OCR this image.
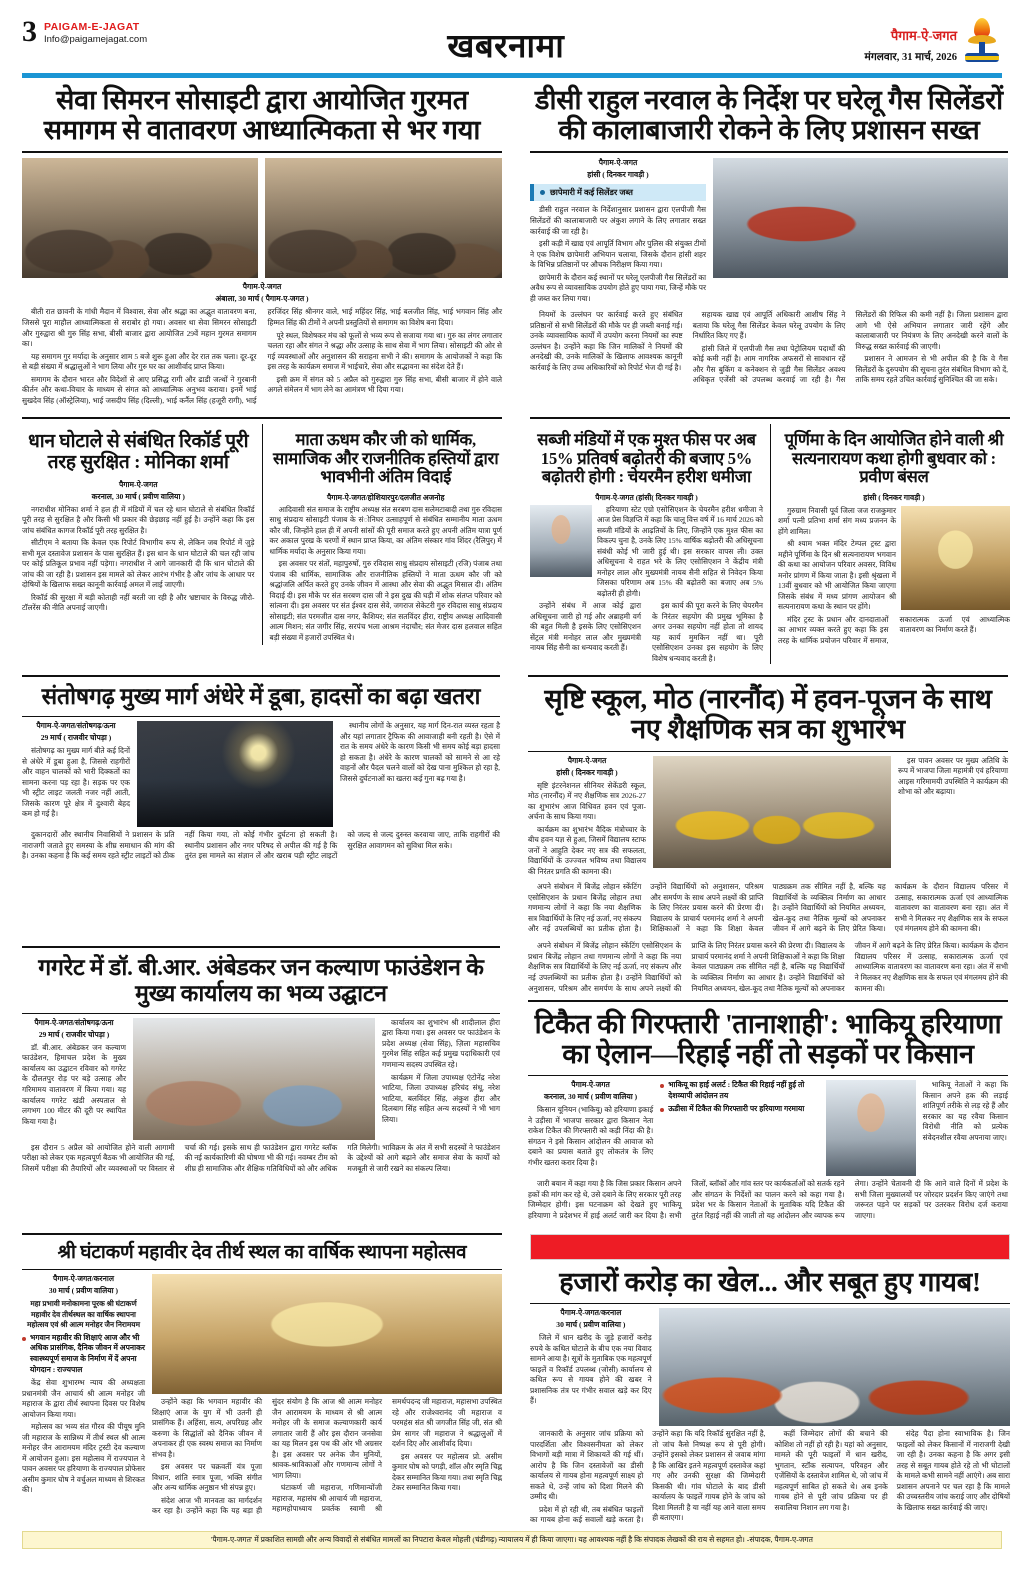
3 PAIGAM-E-JAGAT
Info@paigamejagat.com	खबरनामा	पैगाम-ऐ-जगत
मंगलवार, 31 मार्च, 2026
सेवा सिमरन सोसाइटी द्वारा आयोजित गुरमत समागम से वातावरण आध्यात्मिकता से भर गया
पैगाम-ऐ-जगत
अंबाला, 30 मार्च ( पैगाम-ए-जगत )

बीती रात छावनी के गांधी मैदान में विश्वास, सेवा और श्रद्धा का अद्भुत वातावरण बना, जिससे पूरा माहौल आध्यात्मिकता से सराबोर हो गया। अवसर था सेवा सिमरन सोसाइटी और गुरुद्वारा श्री गुरु सिंह सभा, बीसी बाजार द्वारा आयोजित 29वें महान गुरमत समागम का।

यह समागम गुर मर्यादा के अनुसार शाम 5 बजे शुरू हुआ और देर रात तक चला। दूर-दूर से बड़ी संख्या में श्रद्धालुओं ने भाग लिया और गुरु घर का आशीर्वाद प्राप्त किया।

समागम के दौरान भारत और विदेशों से आए प्रसिद्ध रागी और ढाडी जत्थों ने गुरबानी कीर्तन और कथा-विचार के माध्यम से संगत को आध्यात्मिक अनुभव कराया। इनमें भाई सुखदेव सिंह (ऑस्ट्रेलिया), भाई जसदीप सिंह (दिल्ली), भाई कर्नैल सिंह (हजूरी रागी), भाई हरजिंदर सिंह श्रीनगर वाले, भाई महिंदर सिंह, भाई बलजीत सिंह, भाई भगवान सिंह और हिम्मत सिंह की टीमों ने अपनी प्रस्तुतियों से समागम का विशेष बना दिया।

पूरे स्थल, विशेषकर मंच को फूलों से भव्य रूप से सजाया गया था। गुरु का लंगर लगातार चलता रहा और संगत ने श्रद्धा और उत्साह के साथ सेवा में भाग लिया। सोसाइटी की ओर से गई व्यवस्थाओं और अनुशासन की सराहना सभी ने की। समागम के आयोजकों ने कहा कि इस तरह के कार्यक्रम समाज में भाईचारे, सेवा और सद्भावना का संदेश देते हैं।

इसी क्रम में संगत को 5 अप्रैल को गुरुद्वारा गुरु सिंह सभा, बीसी बाजार में होने वाले अगले संमेलन में भाग लेने का आमंत्रण भी दिया गया।

डीसी राहुल नरवाल के निर्देश पर घरेलू गैस सिलेंडरों की कालाबाजारी रोकने के लिए प्रशासन सख्त
पैगाम-ऐ-जगत
हांसी ( दिनकर गावड़ी )
छापेमारी में कई सिलेंडर जब्त

डीसी राहुल नरवाल के निर्देशानुसार प्रशासन द्वारा एलपीजी गैस सिलेंडरों की कालाबाजारी पर अंकुश लगाने के लिए लगातार सख्त कार्रवाई की जा रही है।

इसी कड़ी में खाद्य एवं आपूर्ति विभाग और पुलिस की संयुक्त टीमों ने एक विशेष छापेमारी अभियान चलाया, जिसके दौरान हांसी शहर के विभिन्न प्रतिष्ठानों पर औचक निरीक्षण किया गया।

छापेमारी के दौरान कई स्थानों पर घरेलू एलपीजी गैस सिलेंडरों का अवैध रूप से व्यावसायिक उपयोग होते हुए पाया गया, जिन्हें मौके पर ही जब्त कर लिया गया।

नियमों के उल्लंघन पर कार्रवाई करते हुए संबंधित प्रतिष्ठानों से सभी सिलेंडरों की मौके पर ही जब्ती बनाई गई। उनके व्यावसायिक कार्यों में उपयोग करना नियमों का स्पष्ट उल्लंघन है। उन्होंने कहा कि जिन मालिकों ने नियमों की अनदेखी की, उनके मालिकों के खिलाफ आवश्यक कानूनी कार्रवाई के लिए उच्च अधिकारियों को रिपोर्ट भेज दी गई है।

सहायक खाद्य एवं आपूर्ति अधिकारी आशीष सिंह ने बताया कि घरेलू गैस सिलेंडर केवल घरेलू उपयोग के लिए निर्धारित किए गए हैं।

हांसी जिले में एलपीजी गैस तथा पेट्रोलियम पदार्थों की कोई कमी नहीं है। आम नागरिक अफसरों से सावधान रहें और गैस बुकिंग व कनेक्शन से जुड़ी गैस सिलेंडर अवश्य अधिकृत एजेंसी को उपलब्ध करवाई जा रही है। गैस सिलेंडरों की रिफिल की कमी नहीं है। जिला प्रशासन द्वारा आगे भी ऐसे अभियान लगातार जारी रहेंगे और कालाबाजारी पर नियंत्रण के लिए अनदेखी करने वालों के विरुद्ध सख्त कार्रवाई की जाएगी।

प्रशासन ने आमजन से भी अपील की है कि वे गैस सिलेंडरों के दुरुपयोग की सूचना तुरंत संबंधित विभाग को दें, ताकि समय रहते उचित कार्रवाई सुनिश्चित की जा सके।

धान घोटाले से संबंधित रिकॉर्ड पूरी तरह सुरक्षित : मोनिका शर्मा
पैगाम-ऐ-जगत
करनाल, 30 मार्च ( प्रवीण वालिया )

नगराधीश मोनिका शर्मा ने हल ही में मंडियों में चल रहे धान घोटाले से संबंधित रिकॉर्ड पूरी तरह से सुरक्षित है और किसी भी प्रकार की छेड़छाड़ नहीं हुई है। उन्होंने कहा कि इस जांच संबंधित कागज रिकॉर्ड पूरी तरह सुरक्षित है।

सीटीएम ने बताया कि केवल एक रिपोर्ट विभागीय रूप से, लेकिन जब रिपोर्ट में जुड़े सभी मूल दस्तावेज प्रशासन के पास सुरक्षित हैं। इस धान के धान घोटाले की चल रही जांच पर कोई प्रतिकूल प्रभाव नहीं पड़ेगा। नगराधीश ने आगे जानकारी दी कि धान घोटाले की जांच की जा रही है। प्रशासन इस मामले को लेकर आरंभ गंभीर है और जांच के आधार पर दोषियों के खिलाफ सख्त कानूनी कार्रवाई अमल में लाई जाएगी।

रिकॉर्ड की सुरक्षा में बड़ी कोताही नहीं बरती जा रही है और भ्रष्टाचार के विरुद्ध जीरो-टॉलरेंस की नीति अपनाई जाएगी।

माता ऊधम कौर जी को धार्मिक, सामाजिक और राजनीतिक हस्तियों द्वारा भावभीनी अंतिम विदाई
पैगाम-ऐ-जगत/होशियारपुर/दलजीत अजनोह

आदिवासी संत समाज के राष्ट्रीय अध्यक्ष संत सरबण दास सलेमटाबादी तथा गुरु रविदास साधु संप्रदाय सोसाइटी पंजाब के संोनिघर उत्साहपूर्ण से संबंधित सम्मानीय माता ऊधम कौर जी, जिन्होंने हाल ही में अपनी सांसों की पूरी समाज करते हुए अपनी अंतिम यात्रा पूर्ण कर अकाल पुरख के चरणों में स्थान प्राप्त किया, का अंतिम संस्कार गांव शिंदर (रैलिपुर) में धार्मिक मर्यादा के अनुसार किया गया।

इस अवसर पर संतों, महापुरुषों, गुरु रविदास साधु संप्रदाय सोसाइटी (रजि) पंजाब तथा पंजाब की धार्मिक, सामाजिक और राजनीतिक हस्तियों ने माता ऊधम कौर जी को श्रद्धांजलि अर्पित करते हुए उनके जीवन में आस्था और सेवा की अद्भुत मिसाल दी। अंतिम विदाई दी। इस मौके पर संत सरबण दास जी ने इस दुख की घड़ी में शोक संतप्त परिवार को सांत्वना दी। इस अवसर पर संत ईश्वर दास सेवे, जगराज सेकेटरी गुरु रविदास साधु संप्रदाय सोसाइटी; संत परमजीत दास नगर, कैशियर; संत सतविंदर हीरा, राष्ट्रीय अध्यक्ष आदिवासी आत्म मिशन; संत जगीर सिंह, सरपंच भला आश्रम नंदाचौर; संत मेजर दास हलवाल सहित बड़ी संख्या में हजारों उपस्थित थे।

सब्जी मंडियों में एक मुश्त फीस पर अब 15% प्रतिवर्ष बढ़ोतरी की बजाए 5% बढ़ोतरी होगी : चेयरमैन हरीश धमीजा
पैगाम-ऐ-जगत (हांसी( दिनकर गावड़ी )

हरियाणा स्टेट एग्रो एसोसिएशन के चेयरमैन हरीश धमीजा ने आज प्रेस विज्ञप्ति में कहा कि चालू वित्त वर्ष में 16 मार्च 2026 को सब्जी मंडियों के आढ़तियों के लिए, जिन्होंने एक मुश्त फीस का विकल्प चुना है, उनके लिए 15% वार्षिक बढ़ोतरी की अधिसूचना संबंधी कोई भी जारी हुई थी। इस सरकार वापस ली। उक्त अधिसूचना ये राहत भरे के लिए एसोसिएशन ने केंद्रीय मंत्री मनोहर लाल और मुख्यमंत्री नायब सैनी सहित से निवेदन किया जिसका परिणाम अब 15% की बढ़ोतरी का बजाए अब 5% बढ़ोतरी ही होगी।

उन्होंने संबंध में आज कोई द्वारा अधिसूचना जारी हो गई और अब्राहमी वर्ग की बहुत मिली है इसके लिए एसोसिएशन सेंट्रल मंत्री मनोहर लाल और मुख्यमंत्री नायब सिंह सैनी का धन्यवाद करती हैं।

इस कार्य की पूरा करने के लिए चेयरमैन के निरंतर सहयोग की प्रमुख भूमिका है अगर उनका सहयोग नहीं होता तो शायद यह कार्य मुमकिन नहीं था। पूरी एसोसिएशन उनका इस सहयोग के लिए विशेष धन्यवाद करती है।

पूर्णिमा के दिन आयोजित होने वाली श्री सत्यनारायण कथा होगी बुधवार को : प्रवीण बंसल
हांसी ( दिनकर गावड़ी )

गुरुग्राम निवासी पूर्व जिला जज राजकुमार शर्मा पत्नी प्रतिभा शर्मा संग मध्य प्रजनन के होंगे शामिल।

श्री श्याम भक्त मंदिर टेम्पल ट्रस्ट द्वारा महीने पूर्णिमा के दिन श्री सत्यनारायण भगवान की कथा का आयोजन परिवार अवसर, विविध मनोर प्रांगण में किया जाता है। इसी श्रृंखला में 13वीं बुधवार को भी आयोजित किया जाएगा जिसके संबंध में मध्य प्रांगण आयोजन श्री सत्यनारायण कथा के स्थान पर होंगे।

मंदिर ट्रस्ट के प्रधान और दानदाताओं का आभार व्यक्त करते हुए कहा कि इस तरह के धार्मिक प्रयोजन परिवार में समाज, सकारात्मक ऊर्जा एवं आध्यात्मिक वातावरण का निर्माण करते हैं।

संतोषगढ़ मुख्य मार्ग अंधेरे में डूबा, हादसों का बढ़ा खतरा
पैगाम-ऐ-जगत/संतोषगढ़/ऊना
29 मार्च ( राजवीर चोपड़ा )

संतोषगढ़ का मुख्य मार्ग बीते कई दिनों से अंधेरे में डूबा हुआ है, जिससे राहगीरों और वाहन चालकों को भारी दिक्कतों का सामना करना पड़ रहा है। सड़क पर एक भी स्ट्रीट लाइट जलती नजर नहीं आती, जिसके कारण पूरे क्षेत्र में दुश्वारी बेहद कम हो गई है।

स्थानीय लोगों के अनुसार, यह मार्ग दिन-रात व्यस्त रहता है और यहां लगातार ट्रैफिक की आवाजाही बनी रहती है। ऐसे में रात के समय अंधेरे के कारण किसी भी समय कोई बड़ा हादसा हो सकता है। अंधेरे के कारण चालकों को सामने से आ रहे वाहनों और पैदल चलने वालों को देख पाना मुश्किल हो रहा है, जिससे दुर्घटनाओं का खतरा कई गुना बढ़ गया है।

दुकानदारों और स्थानीय निवासियों ने प्रशासन के प्रति नाराजगी जताते हुए समस्या के शीघ्र समाधान की मांग की है। उनका कहना है कि कई समय रहते स्ट्रीट लाइटों को ठीक नहीं किया गया, तो कोई गंभीर दुर्घटना हो सकती है। स्थानीय प्रशासन और नगर परिषद से अपील की गई है कि तुरंत इस मामले का संज्ञान लें और खराब पड़ी स्ट्रीट लाइटों को जल्द से जल्द दुरुस्त करवाया जाए, ताकि राहगीरों की सुरक्षित आवागमन को सुविधा मिल सके।

सृष्टि स्कूल, मोठ (नारनौंद) में हवन-पूजन के साथ नए शैक्षणिक सत्र का शुभारंभ
पैगाम-ऐ-जगत
हांसी ( दिनकर गावड़ी )

सृष्टि इंटरनेशनल सीनियर सेकेंडरी स्कूल, मोठ (नारनौंद) में नए शैक्षणिक सत्र 2026-27 का शुभारंभ आज विधिवत हवन एवं पूजा-अर्चना के साथ किया गया।

कार्यक्रम का शुभारंभ वैदिक मंत्रोच्चार के बीच हवन यज्ञ से हुआ, जिसमें विद्यालय स्टाफ जनों ने आहुति देकर नए सत्र की सफलता, विद्यार्थियों के उज्ज्वल भविष्य तथा विद्यालय की निरंतर प्रगति की कामना की।

इस पावन अवसर पर मुख्य अतिथि के रूप में भाजपा जिला महामंत्री एवं हरियाणा आइस गरिमामयी उपस्थिति ने कार्यक्रम की शोभा को और बढ़ाया।

अपने संबोधन में बिजेंद्र लोहान स्केंटिंग एसोसिएशन के प्रधान बिजेंद्र लोहान तथा गणमान्य लोगों ने कहा कि नया शैक्षणिक सत्र विद्यार्थियों के लिए नई ऊर्जा, नए संकल्प और नई उपलब्धियों का प्रतीक होता है। उन्होंने विद्यार्थियों को अनुशासन, परिश्रम और समर्पण के साथ अपने लक्ष्यों की प्राप्ति के लिए निरंतर प्रयास करने की प्रेरणा दी। विद्यालय के प्राचार्य परमानंद शर्मा ने अपनी शिक्षिकाओं ने कहा कि शिक्षा केवल पाठ्यक्रम तक सीमित नहीं है, बल्कि यह विद्यार्थियों के व्यक्तित्व निर्माण का आधार है। उन्होंने विद्यार्थियों को नियमित अध्ययन, खेल-कूद तथा नैतिक मूल्यों को अपनाकर जीवन में आगे बढ़ने के लिए प्रेरित किया। कार्यक्रम के दौरान विद्यालय परिसर में उत्साह, सकारात्मक ऊर्जा एवं आध्यात्मिक वातावरण का वातावरण बना रहा। अंत में सभी ने मिलकर नए शैक्षणिक सत्र के सफल एवं मंगलमय होने की कामना की।

गगरेट में डॉ. बी.आर. अंबेडकर जन कल्याण फाउंडेशन के मुख्य कार्यालय का भव्य उद्घाटन
पैगाम-ऐ-जगत/संतोषगढ़/ऊना
29 मार्च ( राजवीर चोपड़ा )

डॉ. बी.आर. अंबेडकर जन कल्याण फाउंडेशन, हिमाचल प्रदेश के मुख्य कार्यालय का उद्घाटन रविवार को गगरेट के दौलतपुर रोड़ पर बड़े उत्साह और गरिमामय वातावरण में किया गया। यह कार्यालय गगरेट खंडी अस्पताल से लगभग 100 मीटर की दूरी पर स्थापित किया गया है।

कार्यालय का शुभारंभ श्री शादीलाल हीरा द्वारा किया गया। इस अवसर पर फाउंडेशन के प्रदेश अध्यक्ष (सेवा सिंह), ज़िला महासचिव गुरमेश सिंह सहित कई प्रमुख पदाधिकारी एवं गणमान्य सदस्य उपस्थित रहे।

कार्यक्रम में जिला उपाध्यक्ष एंटोनेंद्र नरेश भाटिया, जिला उपाध्यक्ष हरिचंद संधू, नरेश भाटिया, बलविंदर सिंह, अंकुश हीरा और दिलबाग सिंह सहित अन्य सदस्यों ने भी भाग लिया।

इस दौरान 5 अप्रैल को आयोजित होने वाली आगामी परीक्षा को लेकर एक महत्वपूर्ण बैठक भी आयोजित की गई, जिसमें परीक्षा की तैयारियों और व्यवस्थाओं पर विस्तार से चर्चा की गई। इसके साथ ही फाउंडेशन द्वारा गगरेट ब्लॉक की नई कार्यकारिणी की घोषणा भी की गई। नवम्बर टीम को शीघ्र ही सामाजिक और शैक्षिक गतिविधियों को और अधिक गति मिलेगी। भाविक्रम के अंत में सभी सदस्यों ने फाउंडेशन के उद्देश्यों को आगे बढ़ाने और समाज सेवा के कार्यों को मजबूती से जारी रखने का संकल्प लिया।

अपने संबोधन में बिजेंद्र लोहान स्केंटिंग एसोसिएशन के प्रधान बिजेंद्र लोहान तथा गणमान्य लोगों ने कहा कि नया शैक्षणिक सत्र विद्यार्थियों के लिए नई ऊर्जा, नए संकल्प और नई उपलब्धियों का प्रतीक होता है। उन्होंने विद्यार्थियों को अनुशासन, परिश्रम और समर्पण के साथ अपने लक्ष्यों की प्राप्ति के लिए निरंतर प्रयास करने की प्रेरणा दी। विद्यालय के प्राचार्य परमानंद शर्मा ने अपनी शिक्षिकाओं ने कहा कि शिक्षा केवल पाठ्यक्रम तक सीमित नहीं है, बल्कि यह विद्यार्थियों के व्यक्तित्व निर्माण का आधार है। उन्होंने विद्यार्थियों को नियमित अध्ययन, खेल-कूद तथा नैतिक मूल्यों को अपनाकर जीवन में आगे बढ़ने के लिए प्रेरित किया। कार्यक्रम के दौरान विद्यालय परिसर में उत्साह, सकारात्मक ऊर्जा एवं आध्यात्मिक वातावरण का वातावरण बना रहा। अंत में सभी ने मिलकर नए शैक्षणिक सत्र के सफल एवं मंगलमय होने की कामना की।

टिकैत की गिरफ्तारी 'तानाशाही': भाकियू हरियाणा का ऐलान—रिहाई नहीं तो सड़कों पर किसान
पैगाम-ऐ-जगत
करनाल, 30 मार्च ( प्रवीण वालिया )

किसान यूनियन (भाकियू) को हरियाणा इकाई ने उड़ीसा में भाजपा सरकार द्वारा किसान नेता राकेश टिकैत की गिरफ्तारी को कड़ी निंदा की है। संगठन ने इसे किसान आंदोलन की आवाज को दबाने का प्रयास बताते हुए लोकतंत्र के लिए गंभीर खतरा करार दिया है।

भाकियू का हाई अलर्ट : टिकैत की रिहाई नहीं हुई तो देशव्यापी आंदोलन तय
ऊडीसा में टिकैत की गिरफ्तारी पर हरियाणा गरमाया

भाकियू नेताओं ने कहा कि किसान अपने हक की लड़ाई शांतिपूर्ण तरीके से लड़ रहे हैं और सरकार का यह रवैया किसान विरोधी नीति को प्रत्येक संवेदनशील रवैया अपनाया जाए।

जारी बयान में कहा गया है कि जिस प्रकार किसान अपने हकों की मांग कर रहे थे, उसे दबाने के लिए सरकार पूरी तरह जिम्मेदार होगी। इस घटनाक्रम को देखते हुए भाकियू हरियाणा ने प्रदेशभर में हाई अलर्ट जारी कर दिया है। सभी जिलों, ब्लॉकों और गांव स्तर पर कार्यकर्ताओं को सतर्क रहने और संगठन के निर्देशों का पालन करने को कहा गया है। प्रदेश भर के किसान नेताओं के मुताबिक यदि टिकैत की तुरंत रिहाई नहीं की जाती तो यह आंदोलन और व्यापक रूप लेगा। उन्होंने चेतावनी दी कि आने वाले दिनों में प्रदेश के सभी जिला मुख्यालयों पर जोरदार प्रदर्शन किए जाएंगे तथा जरूरत पड़ने पर सड़कों पर उतरकर विरोध दर्ज कराया जाएगा।

श्री घंटाकर्ण महावीर देव तीर्थ स्थल का वार्षिक स्थापना महोत्सव
पैगाम-ऐ-जगत/करनाल
30 मार्च ( प्रवीण वालिया )

महा प्रभावी मनोकामना पूरक श्री घंटाकर्ण महावीर देव तीर्थस्थल का वार्षिक स्थापना महोत्सव एवं श्री आत्म मनोहर जैन निरामयम

भगवान महावीर की शिक्षाएं आज और भी अधिक प्रासंगिक, दैनिक जीवन में अपनाकर स्वास्थ्यपूर्ण समाज के निर्माण में दें अपना योगदान : राज्यपाल

केंद्र सेवा शुभारम्भ न्याय की अध्यक्षता प्रधानमंत्री जैन आचार्य श्री आत्म मनोहर जी महाराज के द्वारा तीर्थ स्थापना दिवस पर विशेष आयोजन किया गया।

महोत्सव का भव्य संत गौरव की पीयूष मुनि जी महाराज के सान्निध्य में तीर्थ स्थल श्री आत्म मनोहर जैन आरामयम मंदिर ट्रस्टी देव कल्याण में आयोजन हुआ। इस महोत्सव में राज्यपाल ने पावन अवसर पर हरियाणा के राज्यपाल प्रोफेसर असीम कुमार घोष ने वर्चुअल माध्यम से शिरकत की।

उन्होंने कहा कि भगवान महावीर की शिक्षाएं आज के युग में भी उतनी ही प्रासंगिक हैं। अहिंसा, सत्य, अपरिग्रह और करुणा के सिद्धांतों को दैनिक जीवन में अपनाकर ही एक स्वस्थ समाज का निर्माण संभव है।

इस अवसर पर चक्रवर्ती यंत्र पूजा विधान, शांति स्नात्र पूजा, भक्ति संगीत और अन्य धार्मिक अनुष्ठान भी संपन्न हुए।

संदेश आज भी मानवता का मार्गदर्शन कर रहा है। उन्होंने कहा कि यह बड़ा ही सुंदर संयोग है कि आज श्री आत्म मनोहर जैन आरामयम के माध्यम से श्री आत्म मनोहर जी के समाज कल्याणकारी कार्य लगातार जारी हैं और इस दौरान जनसेवा का यह मिलन इस पथ की ओर भी अग्रसर है। इस अवसर पर अनेक जैन मुनियों, श्रावक-श्राविकाओं और गणमान्य लोगों ने भाग लिया।

घंटाकर्ण जी महाराज, गणिमान्योंजी महाराज, महासंघ श्री आचार्य जी महाराज, महामहोपाध्याय प्रवर्तक स्वामी श्री समर्थपदन्द जी महाराज, महासभा उपस्थित रहे और राजेश्वरानंद जी महाराज व परमहंस संत श्री जगजीत सिंह जी, संत श्री प्रेम सागर जी महाराज ने श्रद्धालुओं में दर्शन दिए और आशीर्वाद दिया।

इस अवसर पर महोत्सव प्रो. असीम कुमार घोष को पगड़ी, शॉल और स्मृति चिह्न देकर सम्मानित किया गया। तथा स्मृति चिह्न टेकर सम्मानित किया गया।

हजारों करोड़ का खेल... और सबूत हुए गायब!
पैगाम-ऐ-जगत/करनाल
30 मार्च ( प्रवीण वालिया )

जिले में धान खरीद के जुड़े हजारों करोड़ रुपये के कथित घोटाले के बीच एक नया विवाद सामने आया है। सूत्रों के मुताबिक एक महत्वपूर्ण फाइलें व रिकॉर्ड उपलब्ध (जोसी) कार्यालय से कथित रूप से गायब होने की खबर ने प्रशासनिक तंत्र पर गंभीर सवाल खड़े कर दिए हैं।

जानकारी के अनुसार जांच प्रक्रिया को पारदर्शिता और विश्वसनीयता को लेकर विभागों बड़ी मात्रा में शिकायतें की गई थीं। आरोप है कि जिन दस्तावेजों का डीसी कार्यालय से गायब होना महत्वपूर्ण साक्ष्य हो सकते थे, उन्हें जांच को दिशा मिलने की उम्मीद थी।

प्रदेश में हो रही थी, तब संबंधित फाइलों का गायब होना कई सवालों खड़े करता है। उन्होंने कहा कि यदि रिकॉर्ड सुरक्षित नहीं है, तो जांच कैसे निष्पक्ष रूप से पूरी होगी। उन्होंने इसको लेकर प्रशासन से जवाब मांगा है कि आखिर इतने महत्वपूर्ण दस्तावेज कहां गए और उनकी सुरक्षा की जिम्मेदारी किसकी थी। गांव घोटाले के बाद डीसी कार्यालय के फाइलें गायब होने के जांच को दिशा मिलती है या नहीं यह आने वाला समय ही बताएगा।

कहीं जिम्मेदार लोगों की बचाने की कोशिश तो नहीं हो रही है। यहां को अनुसार, मामले की पूरी फाइलों में धान खरीद, भुगतान, स्टॉक सत्यापन, परिवहन और एजेंसियों के दस्तावेज शामिल थे, जो जांच में महत्वपूर्ण साबित हो सकते थे। अब इनके गायब होने से पूरी जांच प्रक्रिया पर ही सवालिया निशान लग गया है।

संदेह पैदा होना स्वाभाविक है। जिन फाइलों को लेकर किसानों में नाराजगी देखी जा रही है। उनका कहना है कि अगर इसी तरह से सबूत गायब होते रहे तो भी घोटालों के मामले कभी सामने नहीं आएंगे। अब सारा प्रशासन अपनाने पर चल रहा है कि मामले की उच्चस्तरीय जांच कराई जाए और दोषियों के खिलाफ सख्त कार्रवाई की जाए।

'पैगाम-ए-जगत' में प्रकाशित सामग्री और अन्य विवादों से संबंधित मामलों का निपटारा केवल मोहली (चंडीगढ़) न्यायालय में ही किया जाएगा। यह आवश्यक नहीं है कि संपादक लेखकों की राय से सहमत हो। -संपादक, पैगाम-ए-जगत
